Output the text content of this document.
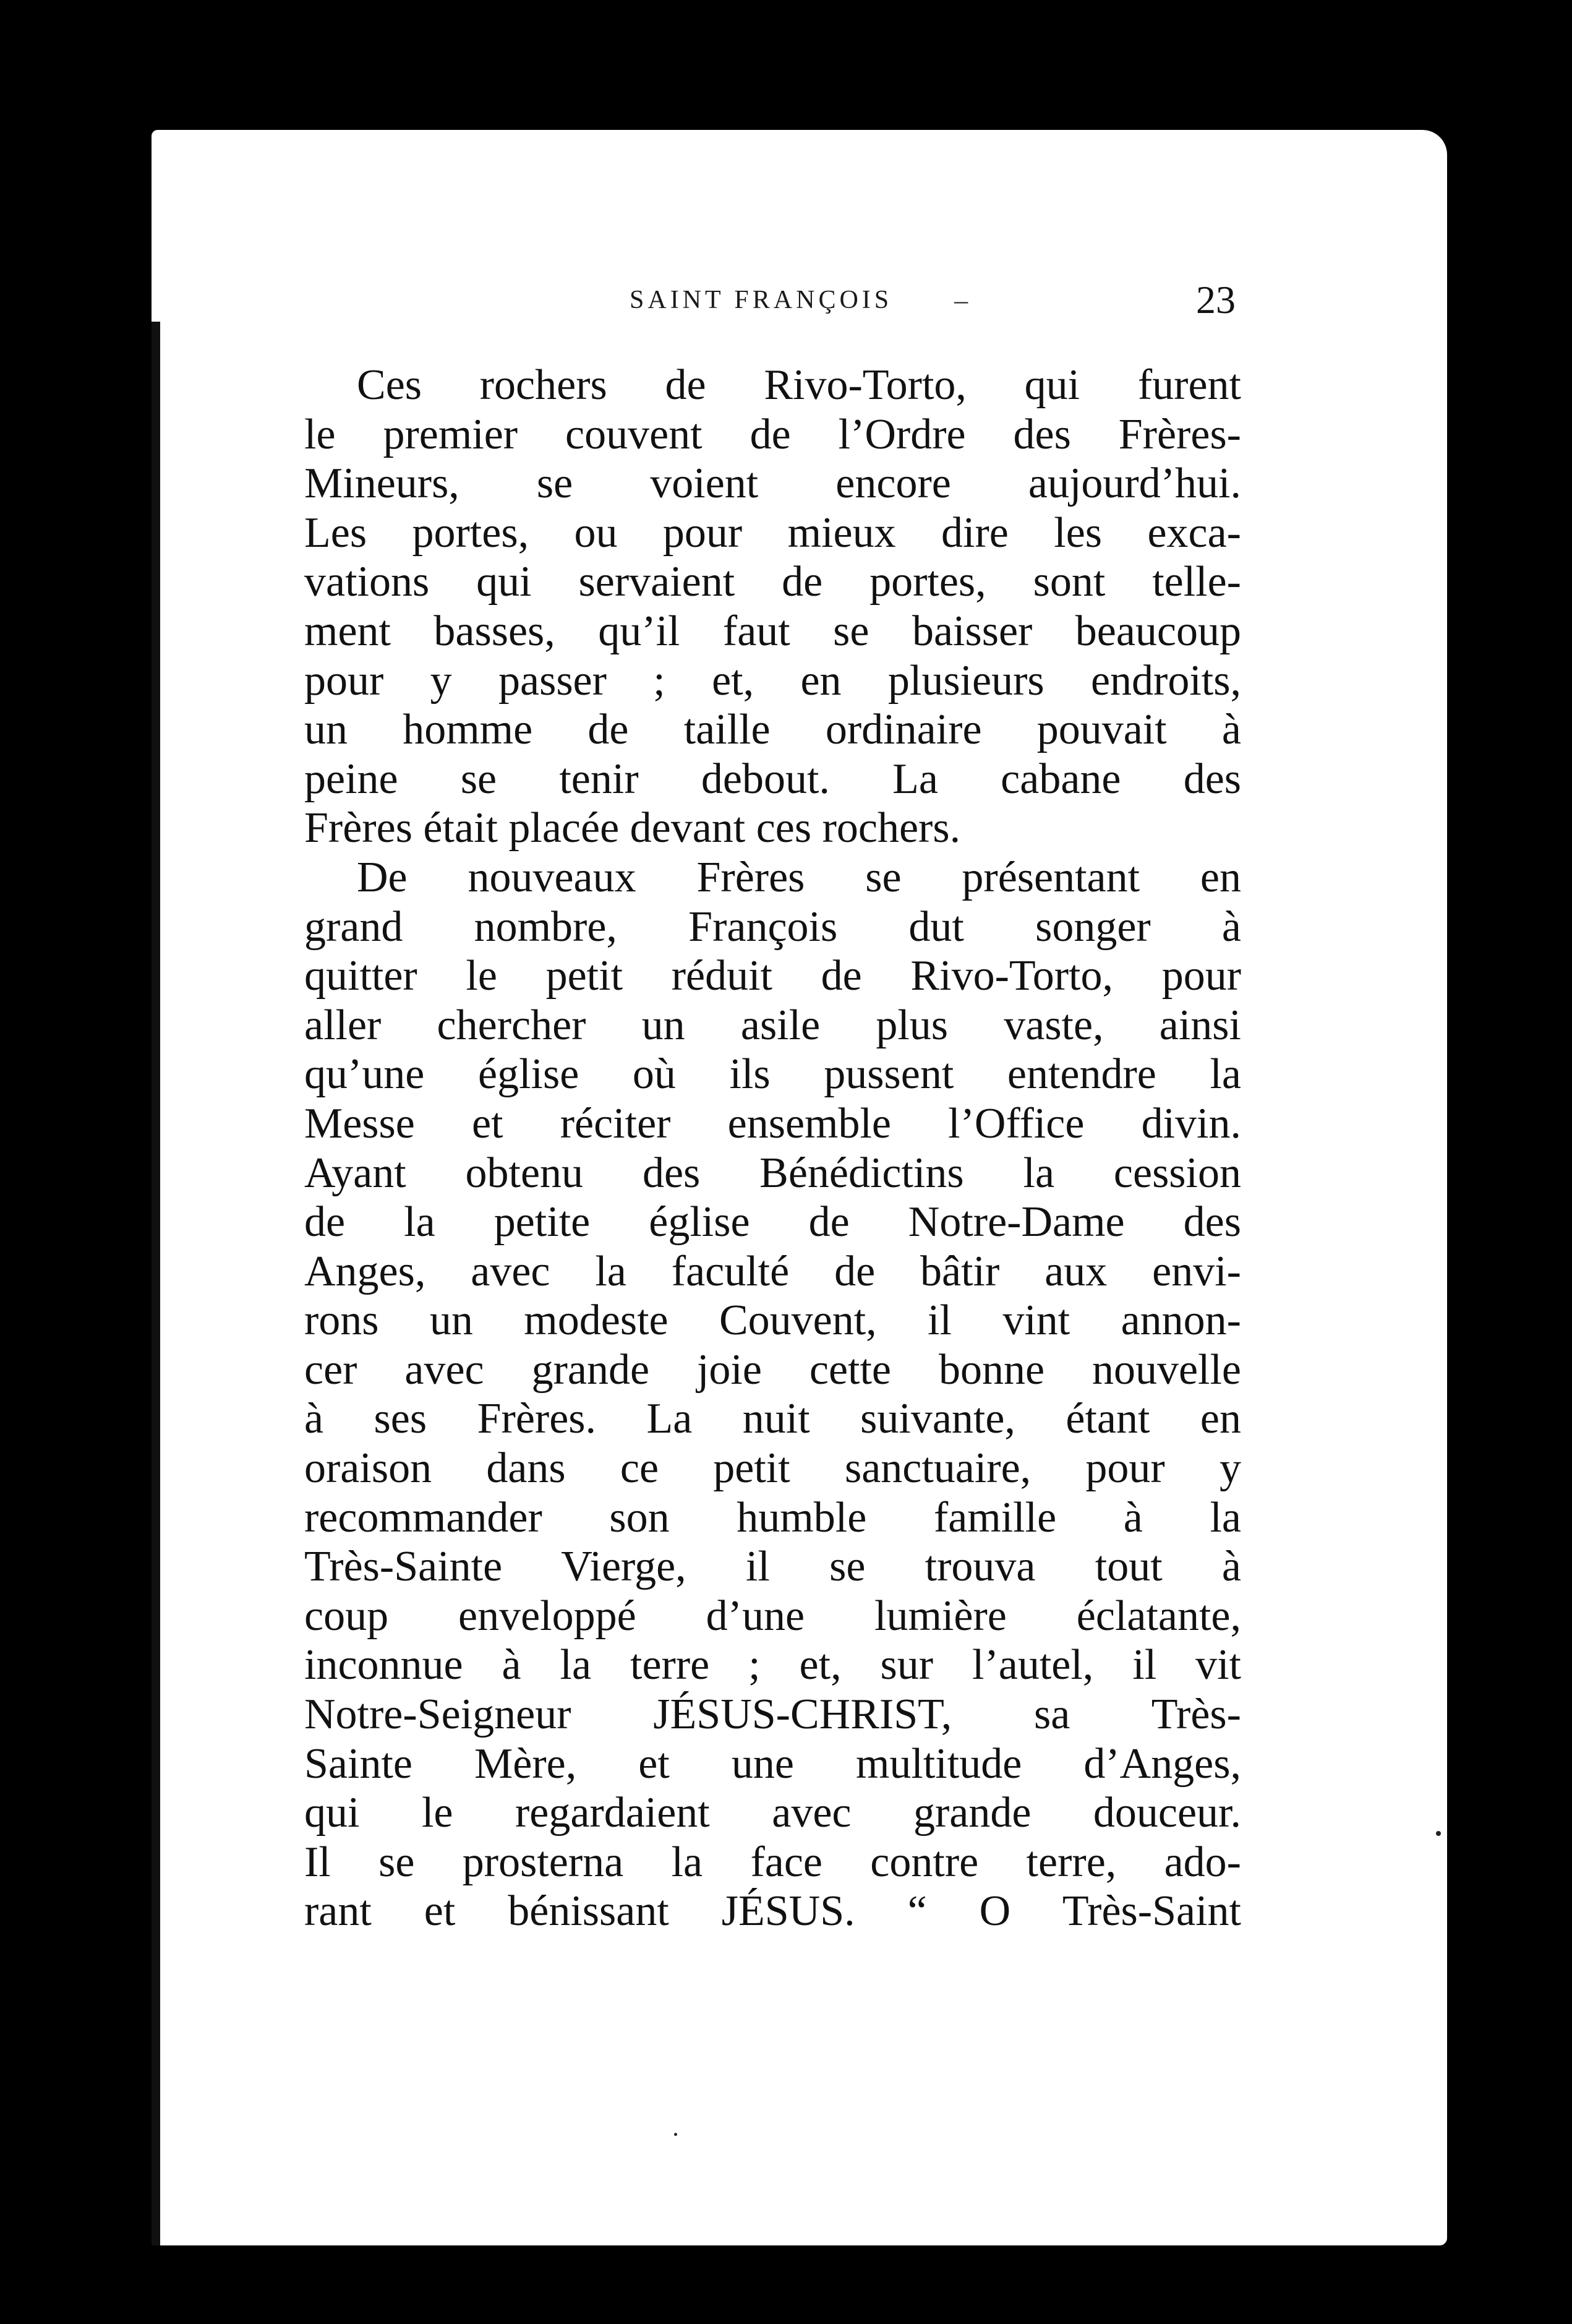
▼
✦
SAINT FRANÇOIS –	23
Ces rochers de Rivo-Torto, qui furent
le premier couvent de l’Ordre des Frères-
Mineurs, se voient encore aujourd’hui.
Les portes, ou pour mieux dire les exca-
vations qui servaient de portes, sont telle-
ment basses, qu’il faut se baisser beaucoup
pour y passer ; et, en plusieurs endroits,
un homme de taille ordinaire pouvait à
peine se tenir debout. La cabane des
Frères était placée devant ces rochers.
De nouveaux Frères se présentant en
grand nombre, François dut songer à
quitter le petit réduit de Rivo-Torto, pour
aller chercher un asile plus vaste, ainsi
qu’une église où ils pussent entendre la
Messe et réciter ensemble l’Office divin.
Ayant obtenu des Bénédictins la cession
de la petite église de Notre-Dame des
Anges, avec la faculté de bâtir aux envi-
rons un modeste Couvent, il vint annon-
cer avec grande joie cette bonne nouvelle
à ses Frères. La nuit suivante, étant en
oraison dans ce petit sanctuaire, pour y
recommander son humble famille à la
Très-Sainte Vierge, il se trouva tout à
coup enveloppé d’une lumière éclatante,
inconnue à la terre ; et, sur l’autel, il vit
Notre-Seigneur JÉSUS-CHRIST, sa Très-
Sainte Mère, et une multitude d’Anges,
qui le regardaient avec grande douceur.
Il se prosterna la face contre terre, ado-
rant et bénissant JÉSUS. “ O Très-Saint
